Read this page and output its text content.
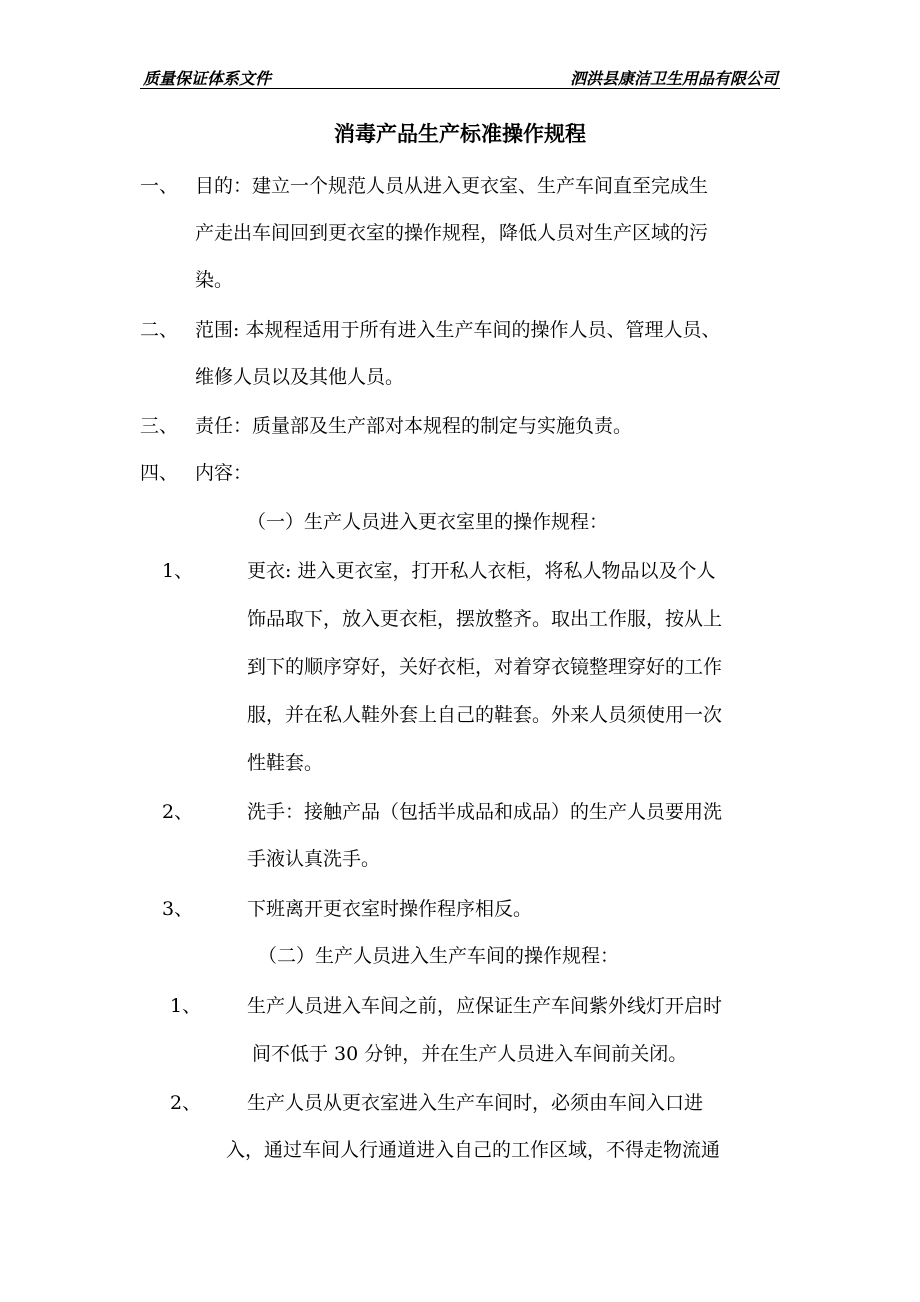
质量保证体系文件	泗洪县康洁卫生用品有限公司
消毒产品生产标准操作规程
一、 目的：建立一个规范人员从进入更衣室、生产车间直至完成生
产走出车间回到更衣室的操作规程，降低人员对生产区域的污
染。
二、 范围: 本规程适用于所有进入生产车间的操作人员、管理人员、
维修人员以及其他人员。
三、 责任：质量部及生产部对本规程的制定与实施负责。
四、 内容：
（一）生产人员进入更衣室里的操作规程：
1、	更衣: 进入更衣室，打开私人衣柜，将私人物品以及个人
饰品取下，放入更衣柜，摆放整齐。取出工作服，按从上
到下的顺序穿好，关好衣柜，对着穿衣镜整理穿好的工作
服，并在私人鞋外套上自己的鞋套。外来人员须使用一次
性鞋套。
2、	洗手：接触产品（包括半成品和成品）的生产人员要用洗
手液认真洗手。
3、	下班离开更衣室时操作程序相反。
（二）生产人员进入生产车间的操作规程：
1、 生产人员进入车间之前，应保证生产车间紫外线灯开启时
间不低于 30 分钟，并在生产人员进入车间前关闭。
2、 生产人员从更衣室进入生产车间时，必须由车间入口进
入，通过车间人行通道进入自己的工作区域，不得走物流通
